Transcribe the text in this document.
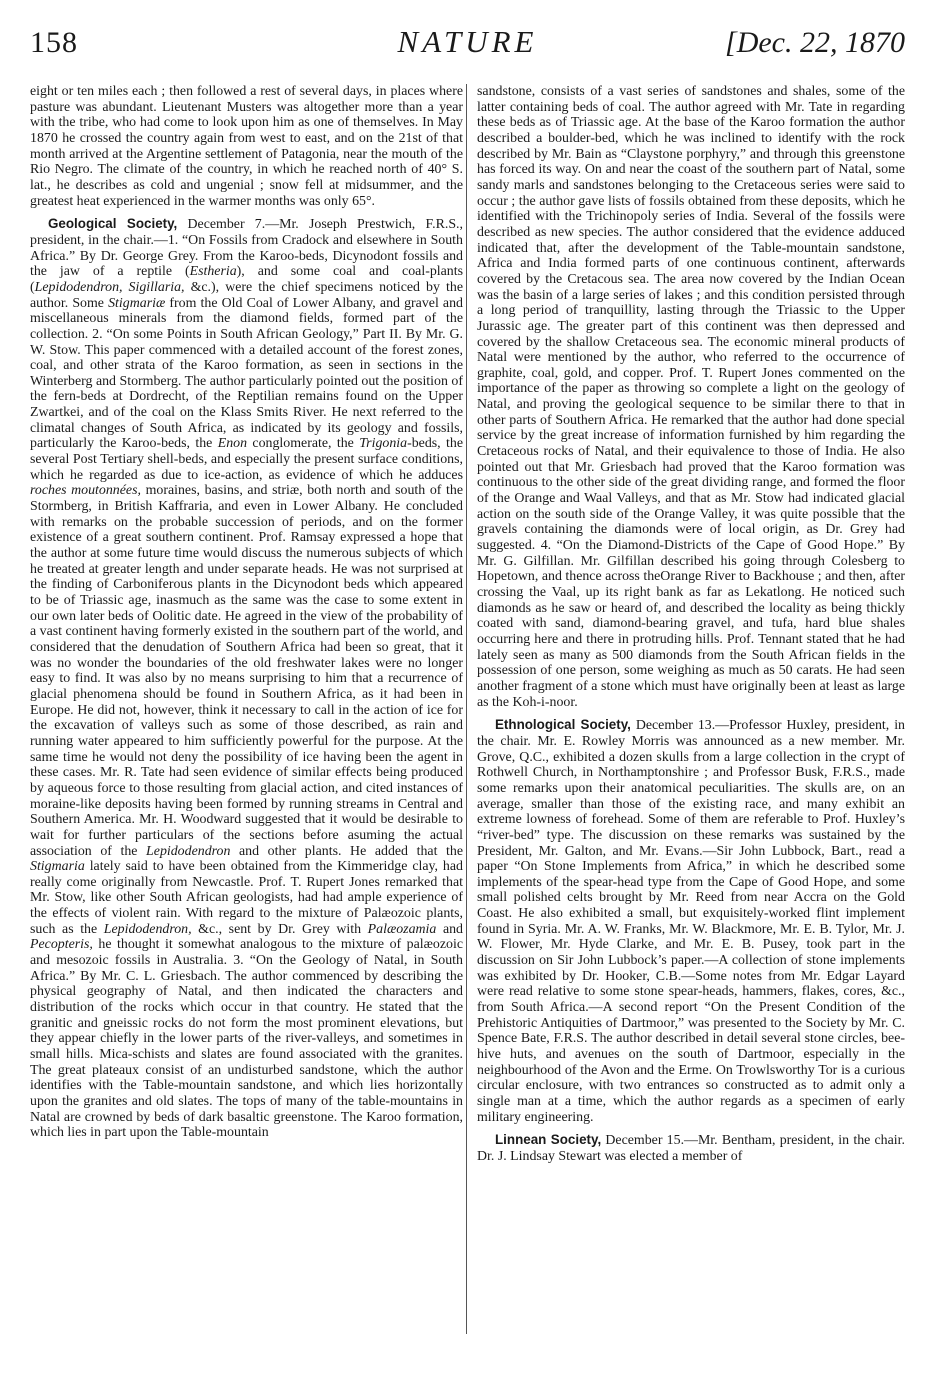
158	NATURE	[Dec. 22, 1870

eight or ten miles each ; then followed a rest of several days, in places where pasture was abundant. Lieutenant Musters was altogether more than a year with the tribe, who had come to look upon him as one of themselves. In May 1870 he crossed the country again from west to east, and on the 21st of that month arrived at the Argentine settlement of Patagonia, near the mouth of the Rio Negro. The climate of the country, in which he reached north of 40° S. lat., he describes as cold and ungenial ; snow fell at midsummer, and the greatest heat experienced in the warmer months was only 65°.

Geological Society, December 7.—Mr. Joseph Prestwich, F.R.S., president, in the chair.—1. “On Fossils from Cradock and elsewhere in South Africa.” By Dr. George Grey. From the Karoo-beds, Dicynodont fossils and the jaw of a reptile (Estheria), and some coal and coal-plants (Lepidodendron, Sigillaria, &c.), were the chief specimens noticed by the author. Some Stigmariæ from the Old Coal of Lower Albany, and gravel and miscellaneous minerals from the diamond fields, formed part of the collection. 2. “On some Points in South African Geology,” Part II. By Mr. G. W. Stow. This paper commenced with a detailed account of the forest zones, coal, and other strata of the Karoo formation, as seen in sections in the Winterberg and Stormberg. The author particularly pointed out the position of the fern-beds at Dordrecht, of the Reptilian remains found on the Upper Zwartkei, and of the coal on the Klass Smits River. He next referred to the climatal changes of South Africa, as indicated by its geology and fossils, particularly the Karoo-beds, the Enon conglomerate, the Trigonia-beds, the several Post Tertiary shell-beds, and especially the present surface conditions, which he regarded as due to ice-action, as evidence of which he adduces roches moutonnées, moraines, basins, and striæ, both north and south of the Stormberg, in British Kaffraria, and even in Lower Albany. He concluded with remarks on the probable succession of periods, and on the former existence of a great southern continent. Prof. Ramsay expressed a hope that the author at some future time would discuss the numerous subjects of which he treated at greater length and under separate heads. He was not surprised at the finding of Carboniferous plants in the Dicynodont beds which appeared to be of Triassic age, inasmuch as the same was the case to some extent in our own later beds of Oolitic date. He agreed in the view of the probability of a vast continent having formerly existed in the southern part of the world, and considered that the denudation of Southern Africa had been so great, that it was no wonder the boundaries of the old freshwater lakes were no longer easy to find. It was also by no means surprising to him that a recurrence of glacial phenomena should be found in Southern Africa, as it had been in Europe. He did not, however, think it necessary to call in the action of ice for the excavation of valleys such as some of those described, as rain and running water appeared to him sufficiently powerful for the purpose. At the same time he would not deny the possibility of ice having been the agent in these cases. Mr. R. Tate had seen evidence of similar effects being produced by aqueous force to those resulting from glacial action, and cited instances of moraine-like deposits having been formed by running streams in Central and Southern America. Mr. H. Woodward suggested that it would be desirable to wait for further particulars of the sections before asuming the actual association of the Lepidodendron and other plants. He added that the Stigmaria lately said to have been obtained from the Kimmeridge clay, had really come originally from Newcastle. Prof. T. Rupert Jones remarked that Mr. Stow, like other South African geologists, had had ample experience of the effects of violent rain. With regard to the mixture of Palæozoic plants, such as the Lepidodendron, &c., sent by Dr. Grey with Palæozamia and Pecopteris, he thought it somewhat analogous to the mixture of palæozoic and mesozoic fossils in Australia. 3. “On the Geology of Natal, in South Africa.” By Mr. C. L. Griesbach. The author commenced by describing the physical geography of Natal, and then indicated the characters and distribution of the rocks which occur in that country. He stated that the granitic and gneissic rocks do not form the most prominent elevations, but they appear chiefly in the lower parts of the river-valleys, and sometimes in small hills. Mica-schists and slates are found associated with the granites. The great plateaux consist of an undisturbed sandstone, which the author identifies with the Table-mountain sandstone, and which lies horizontally upon the granites and old slates. The tops of many of the table-mountains in Natal are crowned by beds of dark basaltic greenstone. The Karoo formation, which lies in part upon the Table-mountain

sandstone, consists of a vast series of sandstones and shales, some of the latter containing beds of coal. The author agreed with Mr. Tate in regarding these beds as of Triassic age. At the base of the Karoo formation the author described a boulder-bed, which he was inclined to identify with the rock described by Mr. Bain as “Claystone porphyry,” and through this greenstone has forced its way. On and near the coast of the southern part of Natal, some sandy marls and sandstones belonging to the Cretaceous series were said to occur ; the author gave lists of fossils obtained from these deposits, which he identified with the Trichinopoly series of India. Several of the fossils were described as new species. The author considered that the evidence adduced indicated that, after the development of the Table-mountain sandstone, Africa and India formed parts of one continuous continent, afterwards covered by the Cretacous sea. The area now covered by the Indian Ocean was the basin of a large series of lakes ; and this condition persisted through a long period of tranquillity, lasting through the Triassic to the Upper Jurassic age. The greater part of this continent was then depressed and covered by the shallow Cretaceous sea. The economic mineral products of Natal were mentioned by the author, who referred to the occurrence of graphite, coal, gold, and copper. Prof. T. Rupert Jones commented on the importance of the paper as throwing so complete a light on the geology of Natal, and proving the geological sequence to be similar there to that in other parts of Southern Africa. He remarked that the author had done special service by the great increase of information furnished by him regarding the Cretaceous rocks of Natal, and their equivalence to those of India. He also pointed out that Mr. Griesbach had proved that the Karoo formation was continuous to the other side of the great dividing range, and formed the floor of the Orange and Waal Valleys, and that as Mr. Stow had indicated glacial action on the south side of the Orange Valley, it was quite possible that the gravels containing the diamonds were of local origin, as Dr. Grey had suggested. 4. “On the Diamond-Districts of the Cape of Good Hope.” By Mr. G. Gilfillan. Mr. Gilfillan described his going through Colesberg to Hopetown, and thence across theOrange River to Backhouse ; and then, after crossing the Vaal, up its right bank as far as Lekatlong. He noticed such diamonds as he saw or heard of, and described the locality as being thickly coated with sand, diamond-bearing gravel, and tufa, hard blue shales occurring here and there in protruding hills. Prof. Tennant stated that he had lately seen as many as 500 diamonds from the South African fields in the possession of one person, some weighing as much as 50 carats. He had seen another fragment of a stone which must have originally been at least as large as the Koh-i-noor.

Ethnological Society, December 13.—Professor Huxley, president, in the chair. Mr. E. Rowley Morris was announced as a new member. Mr. Grove, Q.C., exhibited a dozen skulls from a large collection in the crypt of Rothwell Church, in Northamptonshire ; and Professor Busk, F.R.S., made some remarks upon their anatomical peculiarities. The skulls are, on an average, smaller than those of the existing race, and many exhibit an extreme lowness of forehead. Some of them are referable to Prof. Huxley’s “river-bed” type. The discussion on these remarks was sustained by the President, Mr. Galton, and Mr. Evans.—Sir John Lubbock, Bart., read a paper “On Stone Implements from Africa,” in which he described some implements of the spear-head type from the Cape of Good Hope, and some small polished celts brought by Mr. Reed from near Accra on the Gold Coast. He also exhibited a small, but exquisitely-worked flint implement found in Syria. Mr. A. W. Franks, Mr. W. Blackmore, Mr. E. B. Tylor, Mr. J. W. Flower, Mr. Hyde Clarke, and Mr. E. B. Pusey, took part in the discussion on Sir John Lubbock’s paper.—A collection of stone implements was exhibited by Dr. Hooker, C.B.—Some notes from Mr. Edgar Layard were read relative to some stone spear-heads, hammers, flakes, cores, &c., from South Africa.—A second report “On the Present Condition of the Prehistoric Antiquities of Dartmoor,” was presented to the Society by Mr. C. Spence Bate, F.R.S. The author described in detail several stone circles, bee-hive huts, and avenues on the south of Dartmoor, especially in the neighbourhood of the Avon and the Erme. On Trowlsworthy Tor is a curious circular enclosure, with two entrances so constructed as to admit only a single man at a time, which the author regards as a specimen of early military engineering.

Linnean Society, December 15.—Mr. Bentham, president, in the chair. Dr. J. Lindsay Stewart was elected a member of
